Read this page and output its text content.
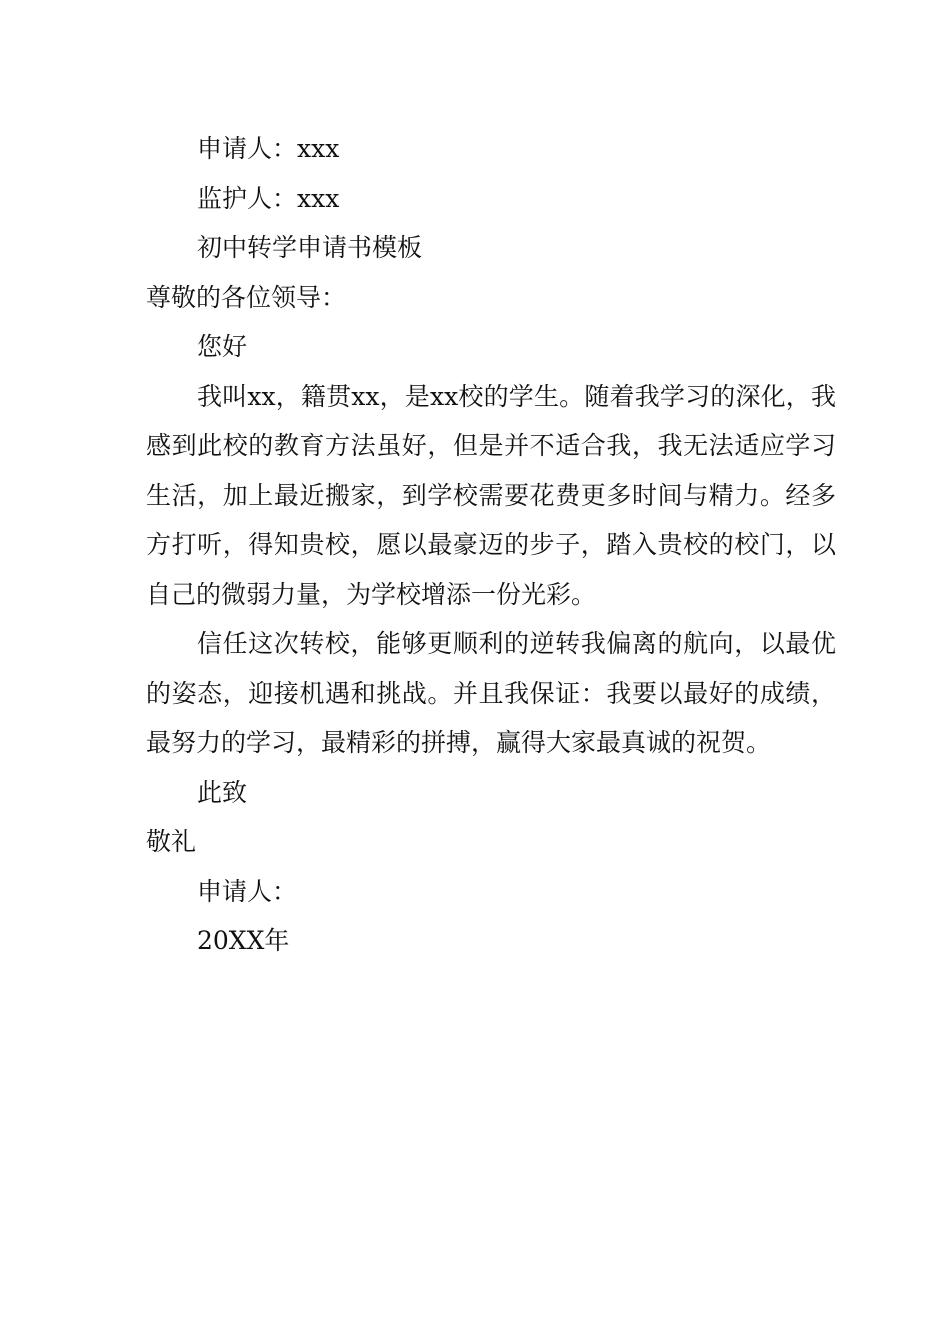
申请人：xxx

监护人：xxx

初中转学申请书模板

尊敬的各位领导：

您好

我叫xx，籍贯xx，是xx校的学生。随着我学习的深化，我感到此校的教育方法虽好，但是并不适合我，我无法适应学习生活，加上最近搬家，到学校需要花费更多时间与精力。经多方打听，得知贵校，愿以最豪迈的步子，踏入贵校的校门，以自己的微弱力量，为学校增添一份光彩。

信任这次转校，能够更顺利的逆转我偏离的航向，以最优的姿态，迎接机遇和挑战。并且我保证：我要以最好的成绩，最努力的学习，最精彩的拼搏，赢得大家最真诚的祝贺。

此致

敬礼

申请人：

20XX年
